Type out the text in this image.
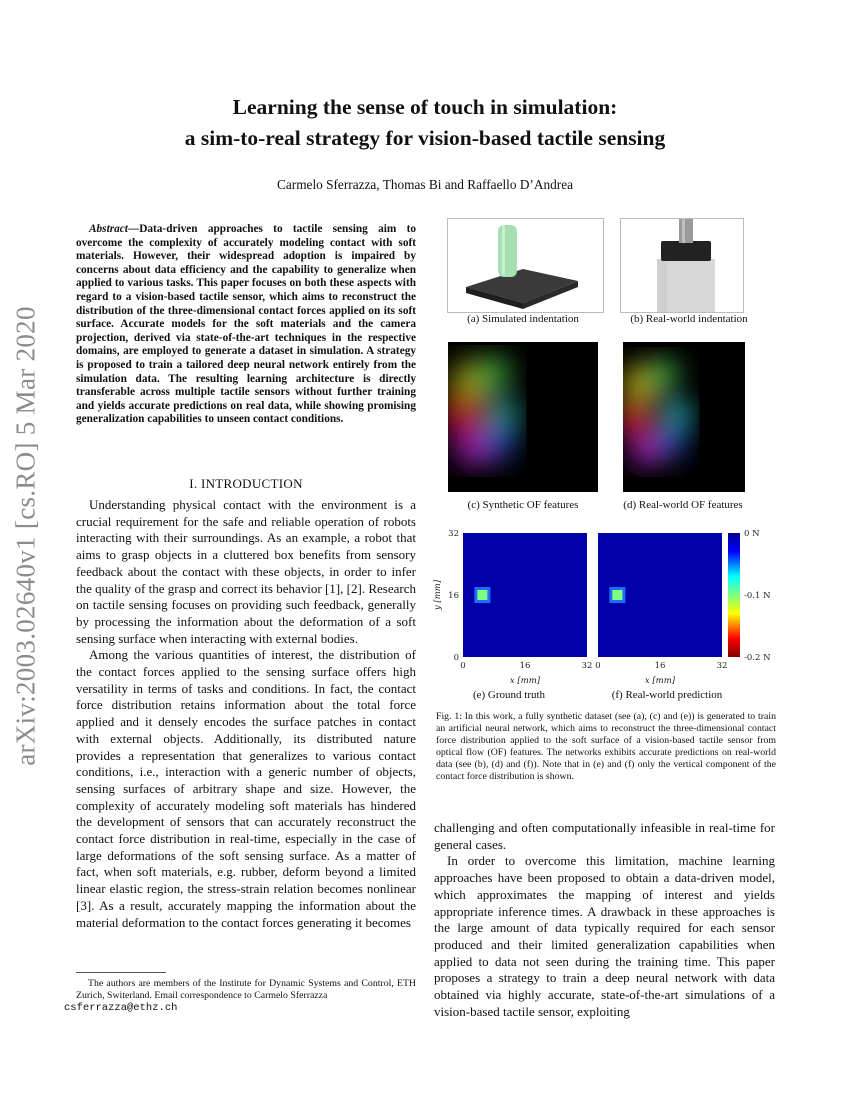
arXiv:2003.02640v1 [cs.RO] 5 Mar 2020
Learning the sense of touch in simulation:
a sim-to-real strategy for vision-based tactile sensing
Carmelo Sferrazza, Thomas Bi and Raffaello D’Andrea
Abstract—Data-driven approaches to tactile sensing aim to overcome the complexity of accurately modeling contact with soft materials. However, their widespread adoption is impaired by concerns about data efficiency and the capability to generalize when applied to various tasks. This paper focuses on both these aspects with regard to a vision-based tactile sensor, which aims to reconstruct the distribution of the three-dimensional contact forces applied on its soft surface. Accurate models for the soft materials and the camera projection, derived via state-of-the-art techniques in the respective domains, are employed to generate a dataset in simulation. A strategy is proposed to train a tailored deep neural network entirely from the simulation data. The resulting learning architecture is directly transferable across multiple tactile sensors without further training and yields accurate predictions on real data, while showing promising generalization capabilities to unseen contact conditions.
I. INTRODUCTION

Understanding physical contact with the environment is a crucial requirement for the safe and reliable operation of robots interacting with their surroundings. As an example, a robot that aims to grasp objects in a cluttered box benefits from sensory feedback about the contact with these objects, in order to infer the quality of the grasp and correct its behavior [1], [2]. Research on tactile sensing focuses on providing such feedback, generally by processing the information about the deformation of a soft sensing surface when interacting with external bodies.

Among the various quantities of interest, the distribution of the contact forces applied to the sensing surface offers high versatility in terms of tasks and conditions. In fact, the contact force distribution retains information about the total force applied and it densely encodes the surface patches in contact with external objects. Additionally, its distributed nature provides a representation that generalizes to various contact conditions, i.e., interaction with a generic number of objects, sensing surfaces of arbitrary shape and size. However, the complexity of accurately modeling soft materials has hindered the development of sensors that can accurately reconstruct the contact force distribution in real-time, especially in the case of large deformations of the soft sensing surface. As a matter of fact, when soft materials, e.g. rubber, deform beyond a limited linear elastic region, the stress-strain relation becomes nonlinear [3]. As a result, accurately mapping the information about the material deformation to the contact forces generating it becomes

The authors are members of the Institute for Dynamic Systems and Control, ETH Zurich, Switerland. Email correspondence to Carmelo Sferrazza
csferrazza@ethz.ch
(a) Simulated indentation	(b) Real-world indentation
(c) Synthetic OF features	(d) Real-world OF features
0	16	32
x [mm]
0
16
32
y [mm]
0	16	32
x [mm]
0 N
-0.1 N
-0.2 N
(e) Ground truth	(f) Real-world prediction
Fig. 1: In this work, a fully synthetic dataset (see (a), (c) and (e)) is generated to train an artificial neural network, which aims to reconstruct the three-dimensional contact force distribution applied to the soft surface of a vision-based tactile sensor from optical flow (OF) features. The networks exhibits accurate predictions on real-world data (see (b), (d) and (f)). Note that in (e) and (f) only the vertical component of the contact force distribution is shown.

challenging and often computationally infeasible in real-time for general cases.

In order to overcome this limitation, machine learning approaches have been proposed to obtain a data-driven model, which approximates the mapping of interest and yields appropriate inference times. A drawback in these approaches is the large amount of data typically required for each sensor produced and their limited generalization capabilities when applied to data not seen during the training time. This paper proposes a strategy to train a deep neural network with data obtained via highly accurate, state-of-the-art simulations of a vision-based tactile sensor, exploiting
